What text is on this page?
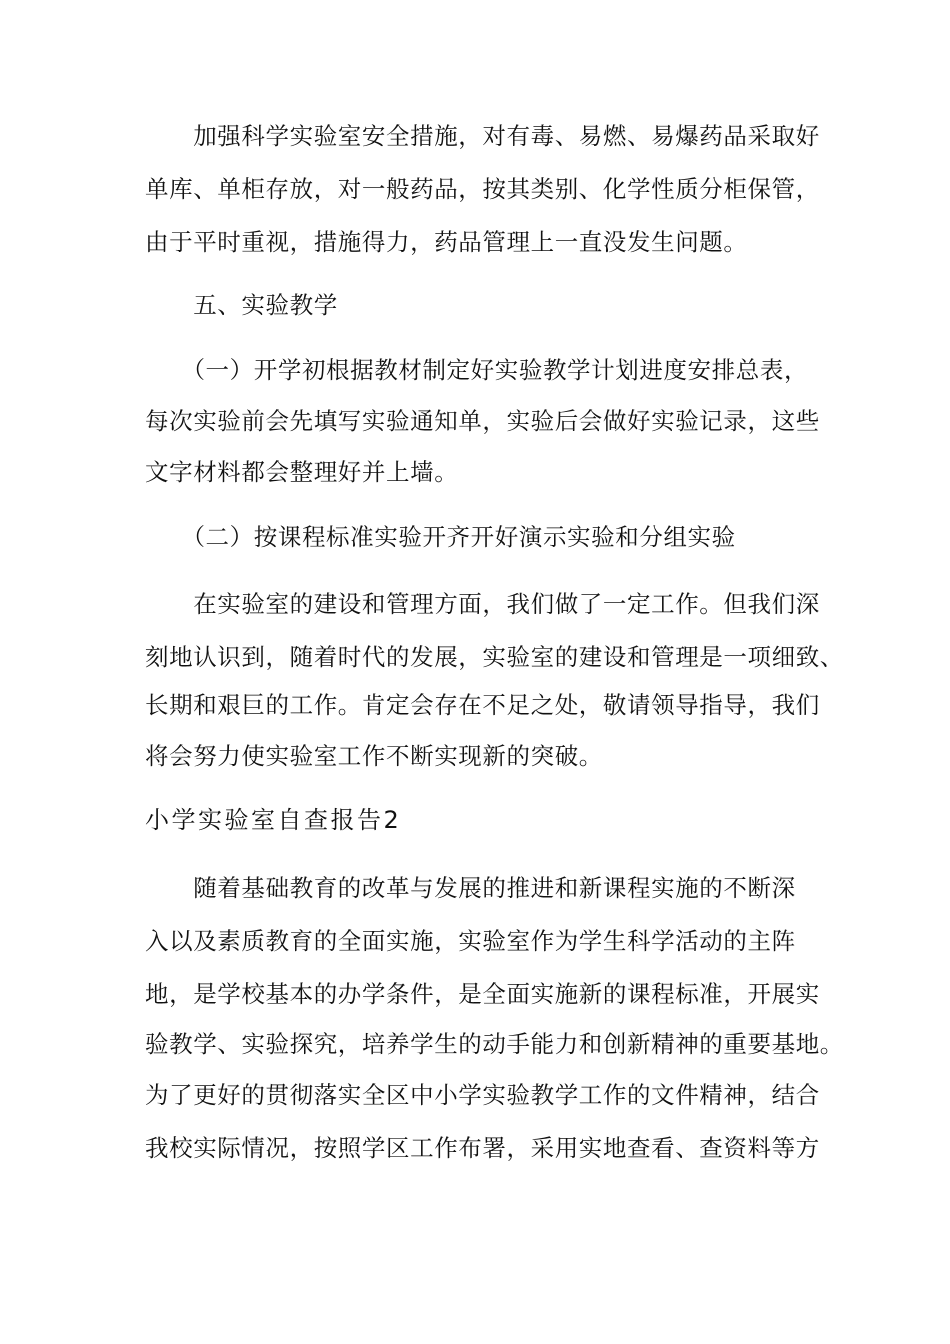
　　加强科学实验室安全措施，对有毒、易燃、易爆药品采取好
单库、单柜存放，对一般药品，按其类别、化学性质分柜保管，
由于平时重视，措施得力，药品管理上一直没发生问题。
　　五、实验教学
　　（一）开学初根据教材制定好实验教学计划进度安排总表，
每次实验前会先填写实验通知单，实验后会做好实验记录，这些
文字材料都会整理好并上墙。
　　（二）按课程标准实验开齐开好演示实验和分组实验
　　在实验室的建设和管理方面，我们做了一定工作。但我们深
刻地认识到，随着时代的发展，实验室的建设和管理是一项细致、
长期和艰巨的工作。肯定会存在不足之处，敬请领导指导，我们
将会努力使实验室工作不断实现新的突破。
小学实验室自查报告2
　　随着基础教育的改革与发展的推进和新课程实施的不断深
入以及素质教育的全面实施，实验室作为学生科学活动的主阵
地，是学校基本的办学条件，是全面实施新的课程标准，开展实
验教学、实验探究，培养学生的动手能力和创新精神的重要基地。
为了更好的贯彻落实全区中小学实验教学工作的文件精神，结合
我校实际情况，按照学区工作布署，采用实地查看、查资料等方
